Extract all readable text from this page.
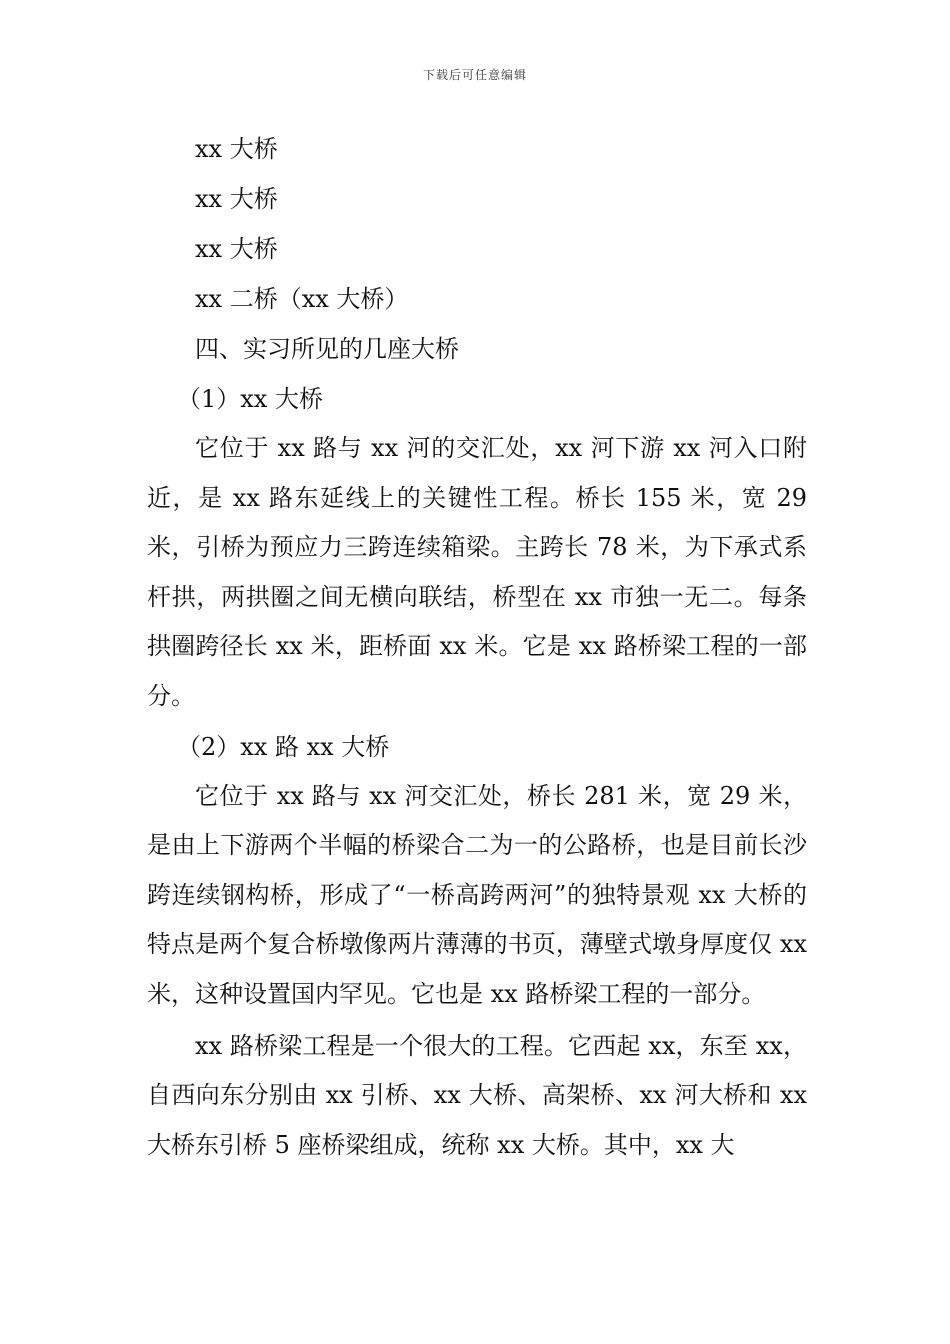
下载后可任意编辑
xx 大桥
xx 大桥
xx 大桥
xx 二桥（xx 大桥）
四、实习所见的几座大桥
（1）xx 大桥

它位于 xx 路与 xx 河的交汇处，xx 河下游 xx 河入口附近，是 xx 路东延线上的关键性工程。桥长 155 米，宽 29 米，引桥为预应力三跨连续箱梁。主跨长 78 米，为下承式系杆拱，两拱圈之间无横向联结，桥型在 xx 市独一无二。每条拱圈跨径长 xx 米，距桥面 xx 米。它是 xx 路桥梁工程的一部分。

（2）xx 路 xx 大桥

它位于 xx 路与 xx 河交汇处，桥长 281 米，宽 29 米，是由上下游两个半幅的桥梁合二为一的公路桥，也是目前长沙跨连续钢构桥，形成了“一桥高跨两河”的独特景观 xx 大桥的特点是两个复合桥墩像两片薄薄的书页，薄壁式墩身厚度仅 xx 米，这种设置国内罕见。它也是 xx 路桥梁工程的一部分。

xx 路桥梁工程是一个很大的工程。它西起 xx，东至 xx，自西向东分别由 xx 引桥、xx 大桥、高架桥、xx 河大桥和 xx 大桥东引桥 5 座桥梁组成，统称 xx 大桥。其中，xx 大
